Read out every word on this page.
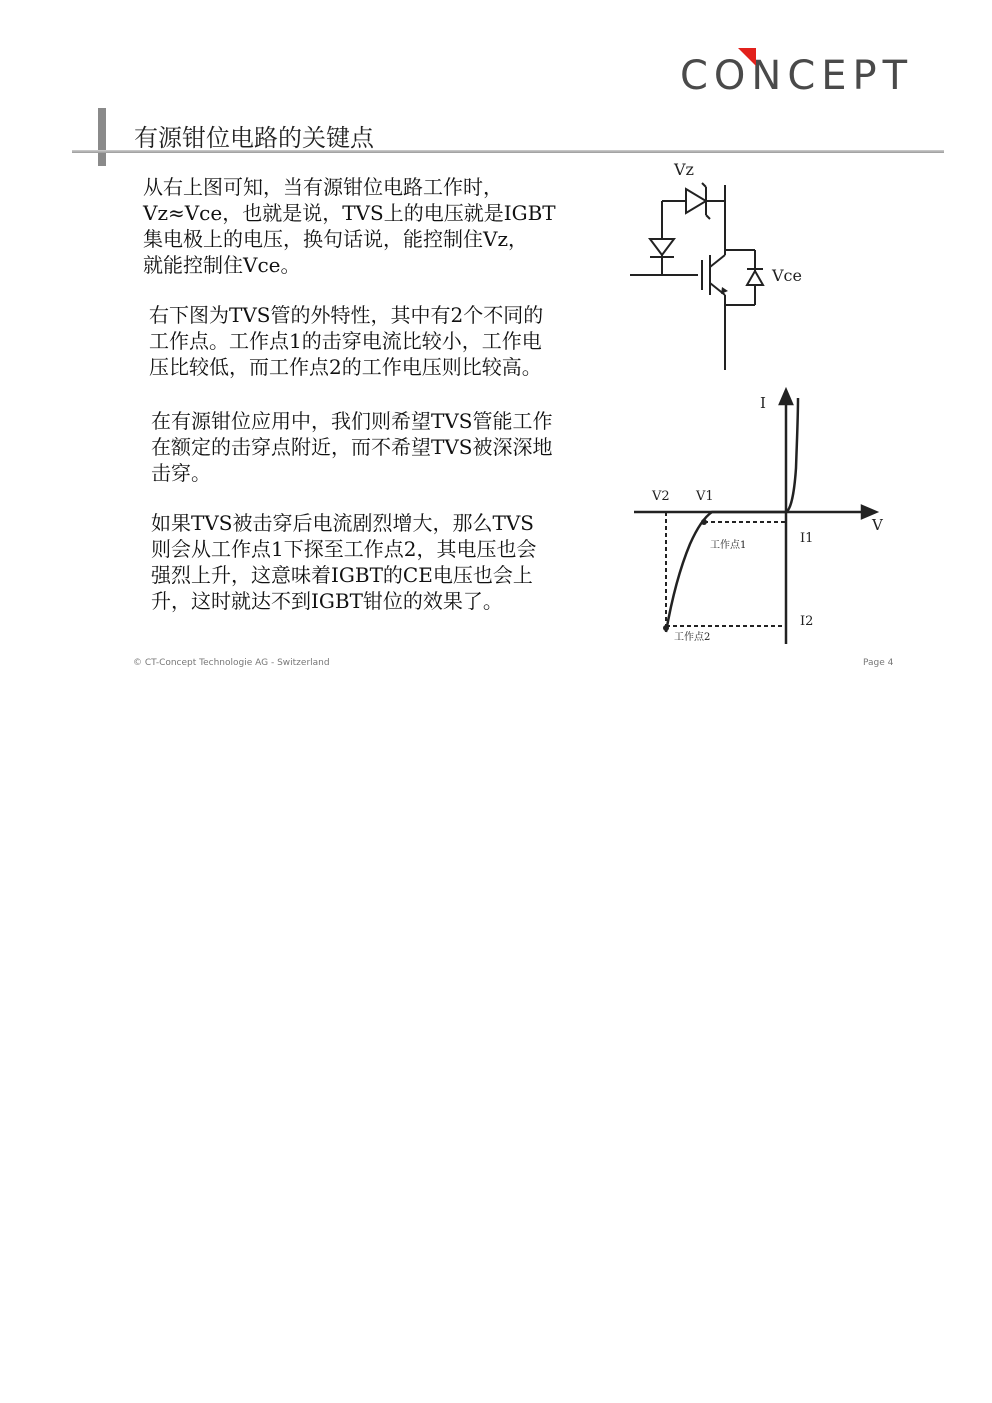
CONCEPT
有源钳位电路的关键点

从右上图可知，当有源钳位电路工作时，
Vz≈Vce，也就是说，TVS上的电压就是IGBT
集电极上的电压，换句话说，能控制住Vz，
就能控制住Vce。

右下图为TVS管的外特性，其中有2个不同的
工作点。工作点1的击穿电流比较小，工作电
压比较低，而工作点2的工作电压则比较高。

在有源钳位应用中，我们则希望TVS管能工作
在额定的击穿点附近，而不希望TVS被深深地
击穿。

如果TVS被击穿后电流剧烈增大，那么TVS
则会从工作点1下探至工作点2，其电压也会
强烈上升，这意味着IGBT的CE电压也会上
升，这时就达不到IGBT钳位的效果了。

Vz
Vce
I
V
V1
V2
I1
I2
工作点1
工作点2
© CT-Concept Technologie AG - Switzerland	Page 4
